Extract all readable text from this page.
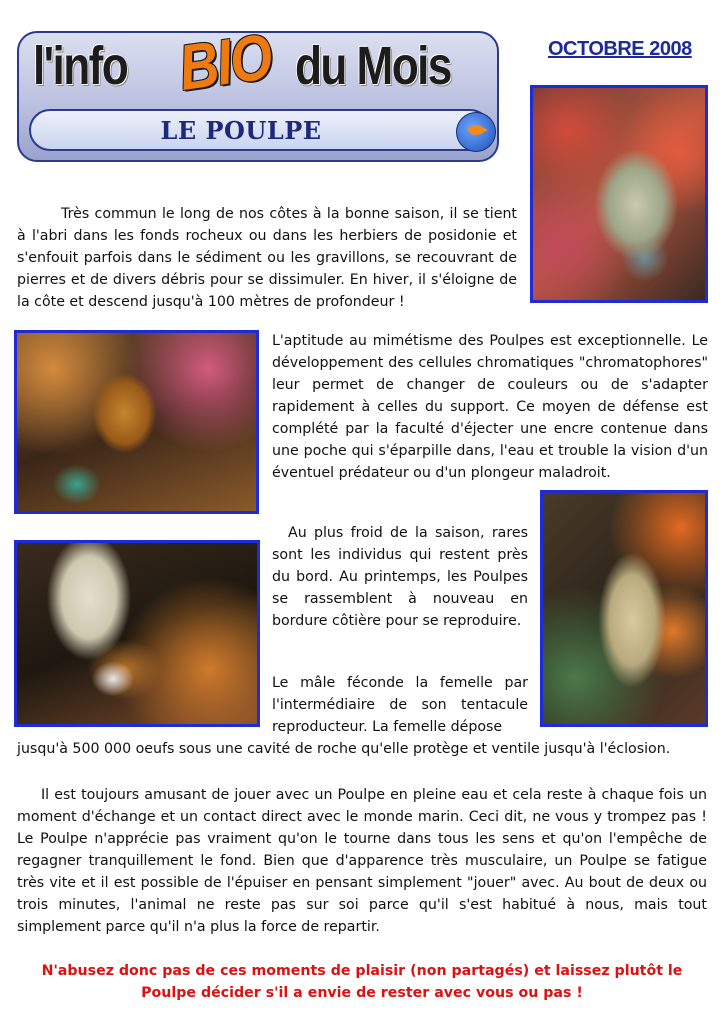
l'info BIO du Mois
LE POULPE
OCTOBRE 2008
Très commun le long de nos côtes à la bonne saison, il se tient à l'abri dans les fonds rocheux ou dans les herbiers de posidonie et s'enfouit parfois dans le sédiment ou les gravillons, se recouvrant de pierres et de divers débris pour se dissimuler. En hiver, il s'éloigne de la côte et descend jusqu'à 100 mètres de profondeur !
L'aptitude au mimétisme des Poulpes est exceptionnelle. Le développement des cellules chromatiques "chromatophores" leur permet de changer de couleurs ou de s'adapter rapidement à celles du support. Ce moyen de défense est complété par la faculté d'éjecter une encre contenue dans une poche qui s'éparpille dans, l'eau et trouble la vision d'un éventuel prédateur ou d'un plongeur maladroit.
Au plus froid de la saison, rares sont les individus qui restent près du bord. Au printemps, les Poulpes se rassemblent à nouveau en bordure côtière pour se reproduire.
Le mâle féconde la femelle par l'intermédiaire de son tentacule reproducteur. La femelle dépose
jusqu'à 500 000 oeufs sous une cavité de roche qu'elle protège et ventile jusqu'à l'éclosion.
Il est toujours amusant de jouer avec un Poulpe en pleine eau et cela reste à chaque fois un moment d'échange et un contact direct avec le monde marin. Ceci dit, ne vous y trompez pas ! Le Poulpe n'apprécie pas vraiment qu'on le tourne dans tous les sens et qu'on l'empêche de regagner tranquillement le fond. Bien que d'apparence très musculaire, un Poulpe se fatigue très vite et il est possible de l'épuiser en pensant simplement "jouer" avec. Au bout de deux ou trois minutes, l'animal ne reste pas sur soi parce qu'il s'est habitué à nous, mais tout simplement parce qu'il n'a plus la force de repartir.
N'abusez donc pas de ces moments de plaisir (non partagés) et laissez plutôt le Poulpe décider s'il a envie de rester avec vous ou pas !
